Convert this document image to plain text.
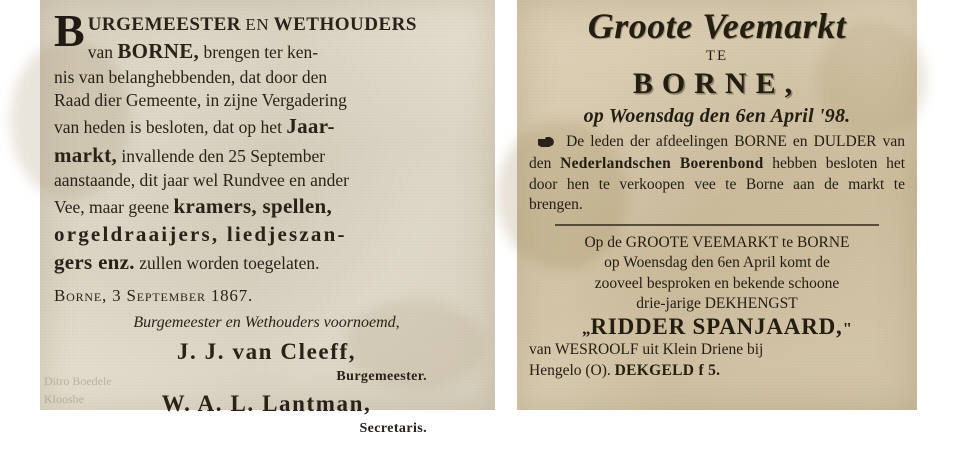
B URGEMEESTER EN WETHOUDERS
van BORNE, brengen ter ken-
nis van belanghebbenden, dat door den
Raad dier Gemeente, in zijne Vergadering
van heden is besloten, dat op het Jaar-
markt, invallende den 25 September
aanstaande, dit jaar wel Rundvee en ander
Vee, maar geene kramers, spellen,
orgeldraaijers, liedjeszan-
gers enz. zullen worden toegelaten.
Borne, 3 September 1867.
Burgemeester en Wethouders voornoemd,
J. J. van Cleeff,
Burgemeester.
W. A. L. Lantman,
Secretaris.
Ditro Boedele Kloosbe
Groote Veemarkt
TE
BORNE,
op Woensdag den 6en April '98.
De leden der afdeelingen BORNE en DULDER van den Nederlandschen Boerenbond hebben besloten het door hen te verkoopen vee te Borne aan de markt te brengen.
Op de GROOTE VEEMARKT te BORNE
op Woensdag den 6en April komt de
zooveel besproken en bekende schoone
drie-jarige DEKHENGST
„RIDDER SPANJAARD,"
van WESROOLF uit Klein Driene bij
Hengelo (O). DEKGELD f 5.
